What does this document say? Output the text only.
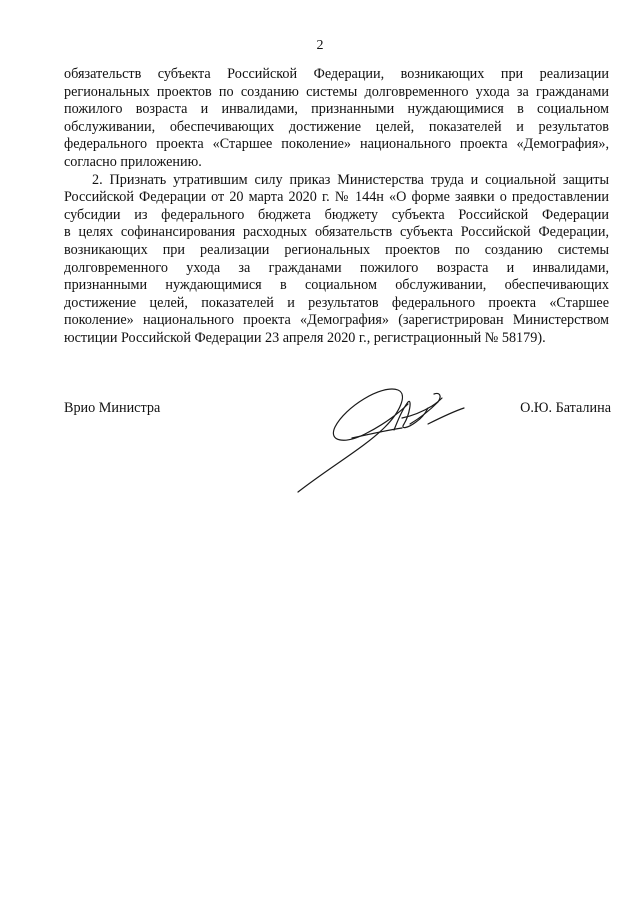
2

обязательств субъекта Российской Федерации, возникающих при реализации
региональных проектов по созданию системы долговременного ухода за гражданами
пожилого возраста и инвалидами, признанными нуждающимися в социальном
обслуживании, обеспечивающих достижение целей, показателей и результатов
федерального проекта «Старшее поколение» национального проекта «Демография»,
согласно приложению.

2. Признать утратившим силу приказ Министерства труда и социальной защиты
Российской Федерации от 20 марта 2020 г. № 144н «О форме заявки о предоставлении
субсидии из федерального бюджета бюджету субъекта Российской Федерации
в целях софинансирования расходных обязательств субъекта Российской Федерации,
возникающих при реализации региональных проектов по созданию системы
долговременного ухода за гражданами пожилого возраста и инвалидами,
признанными нуждающимися в социальном обслуживании, обеспечивающих
достижение целей, показателей и результатов федерального проекта «Старшее
поколение» национального проекта «Демография» (зарегистрирован Министерством
юстиции Российской Федерации 23 апреля 2020 г., регистрационный № 58179).

Врио Министра	О.Ю. Баталина
